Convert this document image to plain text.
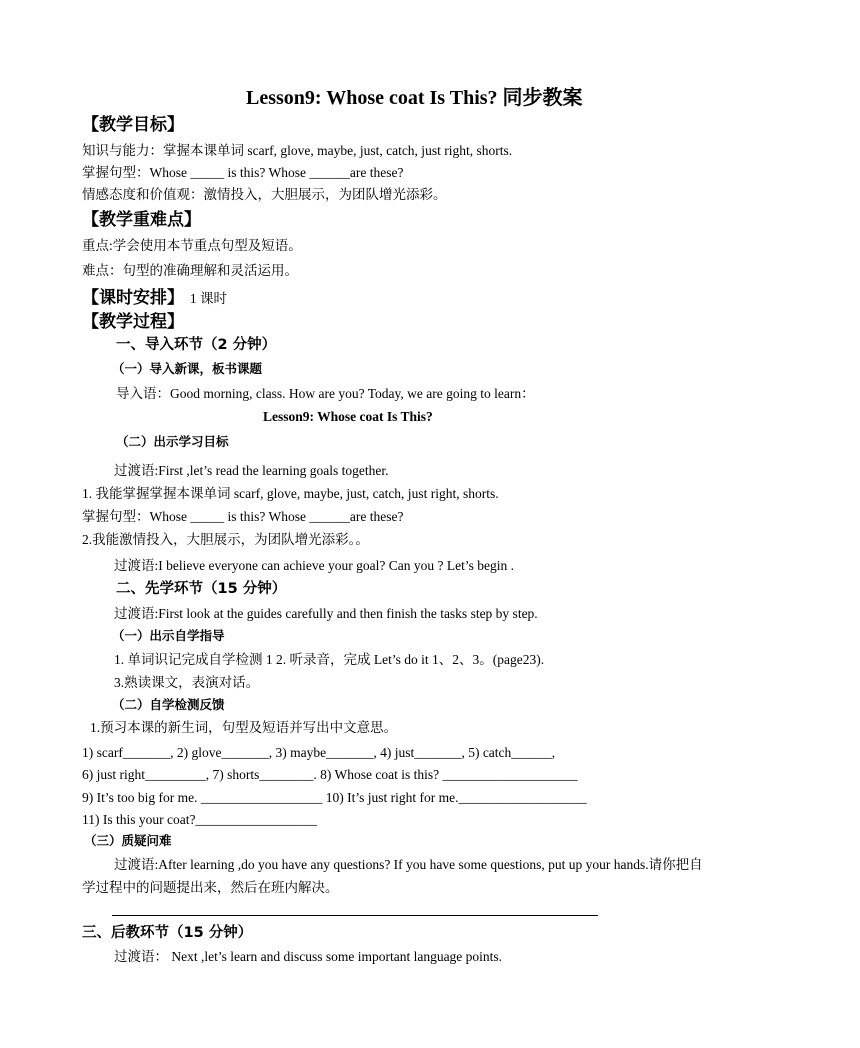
Lesson9: Whose coat Is This? 同步教案
【教学目标】
知识与能力：掌握本课单词 scarf, glove, maybe, just, catch, just right, shorts.
掌握句型：Whose _____ is this? Whose ______are these?
情感态度和价值观：激情投入，大胆展示，为团队增光添彩。
【教学重难点】
重点:学会使用本节重点句型及短语。
难点：句型的准确理解和灵活运用。
【课时安排】 1 课时
【教学过程】
一、导入环节（2 分钟）
（一）导入新课，板书课题
导入语：Good morning, class. How are you? Today, we are going to learn：
Lesson9: Whose coat Is This?
（二）出示学习目标
过渡语:First ,let’s read the learning goals together.
1. 我能掌握掌握本课单词 scarf, glove, maybe, just, catch, just right, shorts.
掌握句型：Whose _____ is this? Whose ______are these?
2.我能激情投入，大胆展示，为团队增光添彩。。
过渡语:I believe everyone can achieve your goal? Can you ? Let’s begin .
二、先学环节（15 分钟）
过渡语:First look at the guides carefully and then finish the tasks step by step.
（一）出示自学指导
1. 单词识记完成自学检测 1 2. 听录音，完成 Let’s do it 1、2、3。(page23).
3.熟读课文，表演对话。
（二）自学检测反馈
1.预习本课的新生词，句型及短语并写出中文意思。
1) scarf_______, 2) glove_______, 3) maybe_______, 4) just_______, 5) catch______,
6) just right_________, 7) shorts________. 8) Whose coat is this? ____________________
9) It’s too big for me. __________________ 10) It’s just right for me.___________________
11) Is this your coat?__________________
（三）质疑问难
过渡语:After learning ,do you have any questions? If you have some questions, put up your hands.请你把自
学过程中的问题提出来，然后在班内解决。
三、后教环节（15 分钟）
过渡语： Next ,let’s learn and discuss some important language points.
